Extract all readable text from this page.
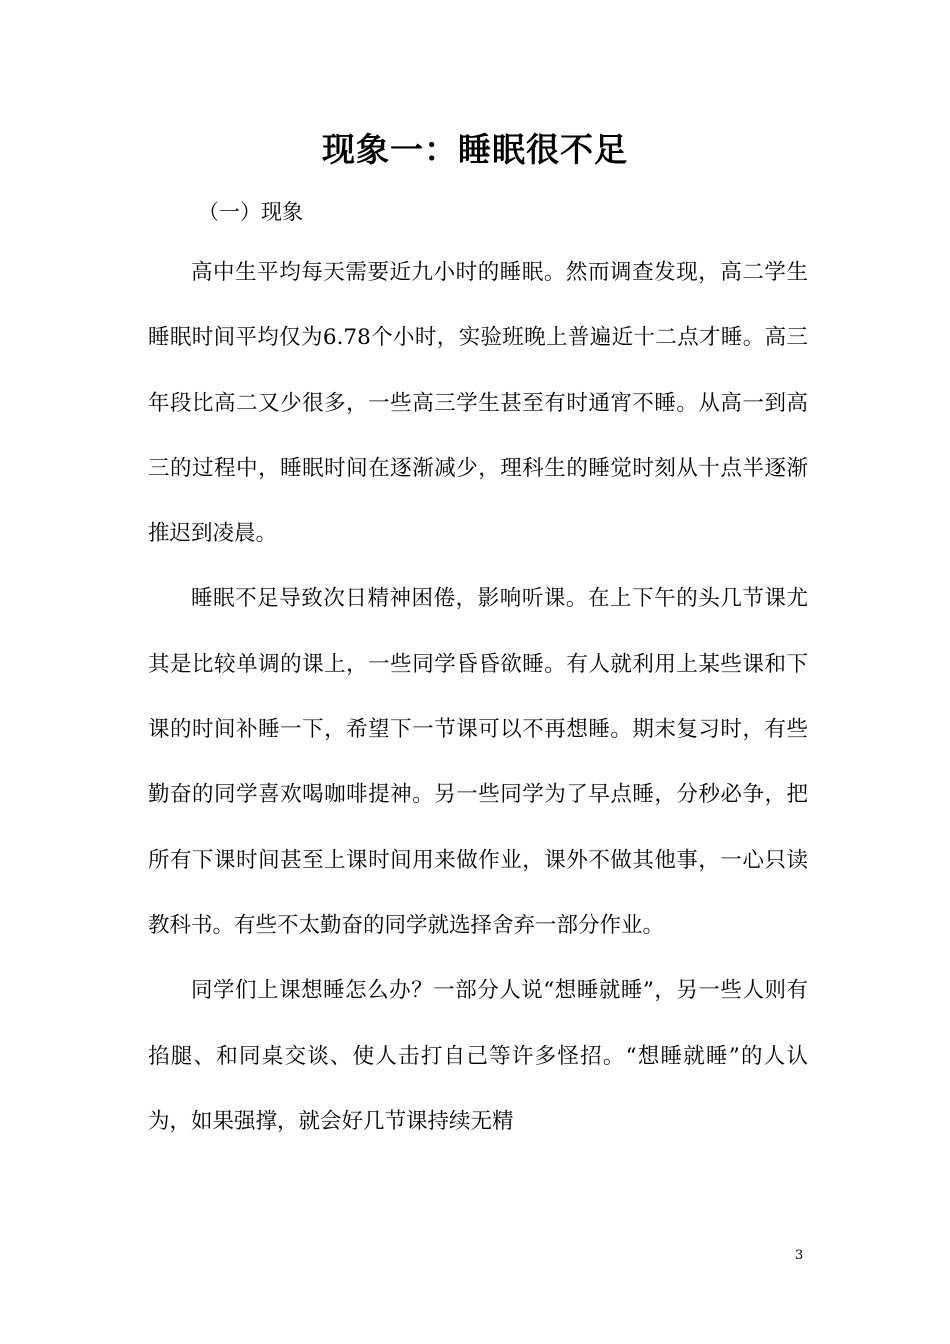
现象一：睡眠很不足
（一）现象

高中生平均每天需要近九小时的睡眠。然而调查发现，高二学生睡眠时间平均仅为6.78个小时，实验班晚上普遍近十二点才睡。高三年段比高二又少很多，一些高三学生甚至有时通宵不睡。从高一到高三的过程中，睡眠时间在逐渐减少，理科生的睡觉时刻从十点半逐渐推迟到凌晨。

睡眠不足导致次日精神困倦，影响听课。在上下午的头几节课尤其是比较单调的课上，一些同学昏昏欲睡。有人就利用上某些课和下课的时间补睡一下，希望下一节课可以不再想睡。期末复习时，有些勤奋的同学喜欢喝咖啡提神。另一些同学为了早点睡，分秒必争，把所有下课时间甚至上课时间用来做作业，课外不做其他事，一心只读教科书。有些不太勤奋的同学就选择舍弃一部分作业。

同学们上课想睡怎么办？一部分人说“想睡就睡”，另一些人则有掐腿、和同桌交谈、使人击打自己等许多怪招。“想睡就睡”的人认为，如果强撑，就会好几节课持续无精

3
